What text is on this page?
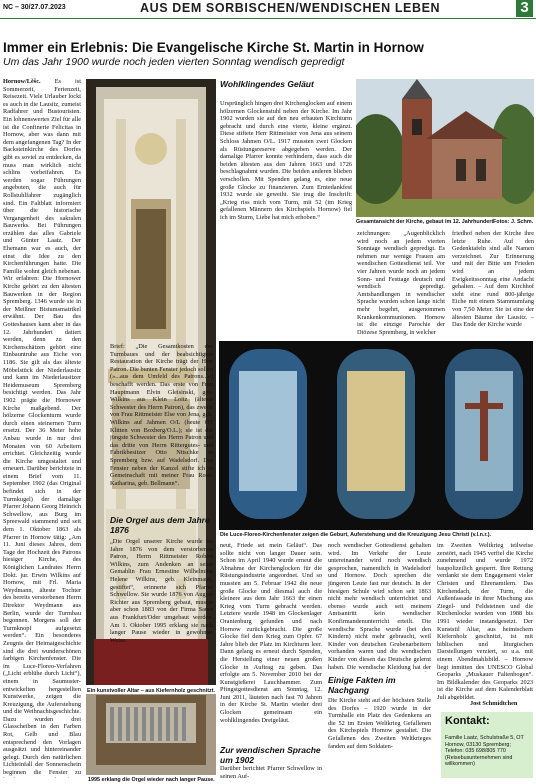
NC – 30/27.07.2023	AUS DEM SORBISCHEN/WENDISCHEN LEBEN	3
Immer ein Erlebnis: Die Evangelische Kirche St. Martin in Hornow
Um das Jahr 1900 wurde noch jeden vierten Sonntag wendisch gepredigt
Hornow/Lěšc. Es ist Sommerzeit, Ferienzeit, Reisezeit. Viele Urlauber lockt es auch in die Lausitz, zumeist Radfahrer und Bustouristen. Ein lohnenswertes Ziel für alle ist die Confinerie Felicitas in Hornow, aber was dann mit dem angefangenen Tag? In der Backsteinkirche des Dorfes gibt es soviel zu entdecken, da muss man wirklich nicht schlins vorbeifahren. Es werden sogar Führungen angeboten, die auch für Rollstuhlfahrer zugänglich sind. Ein Faltblatt informiert über die historische Vergangenheit des sakralen Bauwerks. Bei Führungen erzählen das alles Gabriele und Günter Laatz. Der Ehemann war es auch, der einst die Idee zu den Kirchenführungen hatte. Die Familie wohnt gleich nebenan. Wir erfahren: Die Hornower Kirche gehört zu den ältesten Bauwerken in der Region Spremberg. 1346 wurde sie in der Meißner Bistumsmatrikel erwähnt. Der Bau des Gotteshauses kann aber in das 12. Jahrhundert datiert werden, denn zu den Kirchenschätzen gehört eine Einbauntruhe aus Eiche von 1186. Sie gilt als das älteste Möbelstück der Niederlausitz und kann im Niederlausitzer Heidemuseum Spremberg besichtigt werden. Das Jahr 1902 prägte die Hornower Kirche maßgebend. Der hölzerne Glockenturm wurde durch einen steinernen Turm ersetzt. Der 36 Meter hohe Anbau wurde in nur drei Monaten von 60 Arbeitern errichtet. Gleichzeitig wurde die Kirche umgestaltet und erneuert. Darüber berichtete in einem Brief vom 11. September 1902 (das Original befindet sich in der Turmkugel) der damalige Pfarrer Johann Georg Heinrich Schwellow, aus Burg im Spreewald stammend und seit dem 1. Oktober 1863 als Pfarrer in Hornow tätig: „Am 11. Juni dieses Jahres, dem Tage der Hochzeit des Patrons hiesiger Kirche, des Königlichen Landrates Herrn Dokt. jur. Erwin Wilkins auf Hornow, mit Frl. Maria Weydmann, älteste Tochter des bereits verstorbenen Herrn Direktor Weydmann aus Berlin, wurde der Turmbau begonnen. Morgens soll der Turmknopf aufgesetzt werden“. Ein besonderes Zeugnis der Heimatgeschichte sind die drei wunderschönen farbigen Kirchenfenster. Die im Luce-Floreo-Verfahren („Licht erblühe durch Licht“), einem in Saumuster-entwickelten hergestellten Kunstwerke, zeigen die Kreuzigung, die Auferstehung und die Weihnachtsgeschichte. Dazu wurden drei Glasscheiben in den Farben Rot, Gelb und Blau entsprechend den Vorlagen ausgeätzt und hintereinander gelegt. Durch den natürlichen Lichteinfall der Sonnenschein beginnen die Fenster zu
Ein kunstvoller Altar – aus Kiefernholz geschnitzt.
Brief: „Die Gesamtkosten des Turmbaues und der beabsichtigten Restauration der Kirche trägt der Herr Patron. Die bunten Fenster jedoch sollen (»...aus dem Umfeld des Patrons...«) beschafft werden. Das erste von Frau Hauptmann Elvin Gleisinski, geb. Wilkins aus Klein Loitz (älteste Schwester des Herrn Patron), das zweite von Frau Rittmeister Else von Jena, geb. Wilkins auf Jahmen O/L (heute OT Klitten von Boxberg/O.L.); sie ist die jüngste Schwester des Herrn Patron und das dritte von Herrn Rittergutes- und Fabrikbesitzer Otto Nitschke in Spremberg bzw. auf Wadelsdorf. Das Fenster neben der Kanzel stifte ich in Gemeinschaft mit meiner Frau Rose-Katharina, geb. Bellmann“.
Die Orgel aus dem Jahre 1876
„Die Orgel unserer Kirche wurde im Jahre 1876 von dem verstorbenen Patron, Herrn Rittmeister Robert Wilkins, zum Andenken an seine Gemahlin Frau Ernestine Wilhelmine Helene Wilkins, geb. Kleinmann, gestiftet“, erinnerte sich Pfarrer Schwellow. Sie wurde 1876 von August Richter aus Spremberg gebaut, musste aber schon 1883 von der Firma Sauer aus Frankfurt/Oder umgebaut werden. Am 1. Oktober 1995 erklang sie nach langer Pause wieder in gewohnter Weise.
Wohlklingendes Geläut
Ursprünglich hingen drei Kirchenglocken auf einem hölzernen Glockenstuhl neben der Kirche. Im Jahr 1902 wurden sie auf den neu erbauten Kirchturm gebracht und durch eine vierte, kleine ergänzt. Diese stiftete Herr Rittmeister von Jena aus seinem Schloss Jahmen O/L. 1917 mussten zwei Glocken als Rüstungsreserve abgegeben werden. Der damalige Pfarrer konnte verhindern, dass auch die beiden ältesten aus den Jahren 1663 und 1726 beschlagnahmt wurden. Die beiden anderen blieben verschollen. Mit Spenden gelang es, eine neue große Glocke zu finanzieren. Zum Erntedankfest 1932 wurde sie geweiht. Sie trug die Inschrift: „Krieg riss mich vom Turm, mit 52 (im Krieg gefallenen Männern des Kirchspiels Hornow) fiel ich im Sturm, Liebe hat mich erhoben.“
Gesamtansicht der Kirche, gebaut im 12. Jahrhundert.
Fotos: J. Schm.
zeichnungen: „Augenblicklich wird noch an jedem vierten Sonntage wendisch gepredigt. Es nehmen nur wenige Frauen am wendischen Gottesdienst teil. Vor vier Jahren wurde noch an jedem Sonn- und Festtage deutsch und wendisch gepredigt. Amtshandlungen in wendischer Sprache wurden schon lange nicht mehr begehrt, ausgenommen Krankenkommunionen. Hornow ist die einzige Parochie der Diözese Spremberg, in welcher
friedhof neben der Kirche ihre letzte Ruhe. Auf den Gedenktafeln sind alle Namen verzeichnet. Zur Erinnerung und mit der Bitte um Frieden wird an jedem Ewigkeitssonntag eine Andacht gehalten. – Auf dem Kirchhof steht eine rund 800-jährige Eiche mit einem Stammumfang von 7,50 Meter. Sie ist eine der ältesten Bäume der Lausitz. – Das Ende der Kirche wurde
Die Luce-Floreo-Kirchenfenster zeigen die Geburt, Auferstehung und die Kreuzigung Jesu Christi (v.l.n.r.).
neut, Friede sei mein Geläut“. Das sollte nicht von langer Dauer sein. Schon im April 1940 wurde erneut die Abnahme der Kirchenglocken für die Rüstungsindustrie angeordnet. Und so mussten am 5. Februar 1942 die neue große Glocke und diesmal auch die kleinere aus dem Jahr 1663 ihr einen Krieg vom Turm gebracht werden. Letztere wurde 1948 im Glockenlager Oranienburg gefunden und nach Hornow zurückgebracht. Die große Glocke fiel dem Krieg zum Opfer. 67 Jahre blieb der Platz im Kirchturm leer. Dann gelang es erneut durch Spenden, die Herstellung einer neuen großen Glocke in Auftrag zu geben. Das erfolgte am 5. November 2010 bei der Kunstgießerei Lauchhammer. Zum Pfingstgottesdienst am Sonntag, 12. Juni 2011, läuteten nach fast 70 Jahren in der Kirche St. Martin wieder drei Glocken gemeinsam ein wohlklingendes Dreigeläut.
Zur wendischen Sprache um 1902
Darüber berichtet Pfarrer Schwellow in seinen Auf-
noch wendischer Gottesdienst gehalten wird. Im Verkehr der Leute untereinander wird noch wendisch gesprochen, namentlich in Wadelsdorf und Hornow. Doch sprechen die jüngeren Leute fast nur deutsch. In der hiesigen Schule wird schon seit 1863 nicht mehr wendisch unterrichtet und ebenso wurde auch seit meinem Amtsantritt kein wendischer Konfirmandenunterricht erteilt. Die wendische Sprache wurde (bei den Kindern) nicht mehr gebraucht, weil Kinder von deutschen Grubenarbeitern vorhanden waren und die wendischen Kinder von diesen das Deutsche gelernt haben. Die wendische Kleidung hat der
Einige Fakten im Nachgang
Die Kirche steht auf der höchsten Stelle des Dorfes – 1920 wurde in der Turmhalle ein Platz des Gedenkens an die 52 im Ersten Weltkrieg Gefallenen des Kirchspiels Hornow gestaltet. Die Gefallenen des Zweiten Weltkrieges fanden auf dem Soldaten-
im Zweiten Weltkrieg teilweise zerstört, nach 1945 verfiel die Kirche zunehmend und wurde 1972 baupolizeilich gesperrt. Ihre Rettung verdankt sie dem Engagement vieler Christen und Ehrenamtlern. Das Kirchendach, der Turm, die Außenfassade in ihrer Mischung aus Ziegel- und Feldsteinen und die Kirchenlocke wurden von 1988 bis 1991 wieder instandgesetzt. Der Kunststil Altar, aus heimischem Kiefernholz geschnitzt, ist mit biblischen und liturgischen Darstellungen verziert, so u.a. mit einem Abendmahlsbild. – Hornow liegt inmitten des UNESCO Global Geoparks „Muskauer Faltenbogen“. Im Bildkalender des Geoparks 2023 ist die Kirche auf dem Kalenderblatt Juli abgebildet.
Jost Schmidtchen
1995 erklang die Orgel wieder nach langer Pause.
Kontakt:
Familie Laatz, Schulstraße 5, OT Hornow, 03130 Spremberg; Telefon: 035 698/805 770 (Reisebusunternehmen sind willkommen)
